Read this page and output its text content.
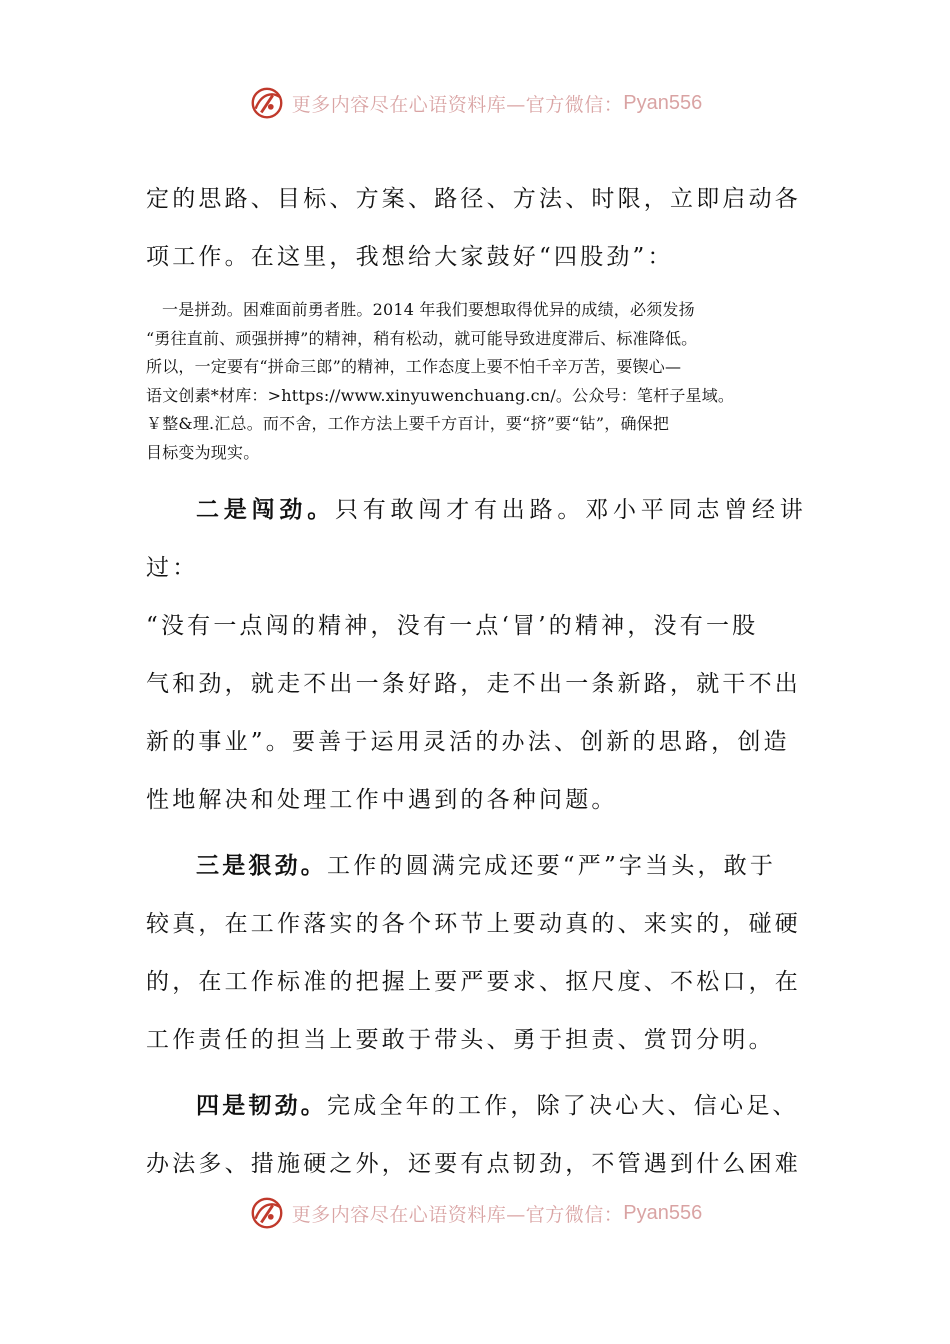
更多内容尽在心语资料库—官方微信： Pyan556

定的思路、目标、方案、路径、方法、时限，立即启动各

项工作。在这里，我想给大家鼓好“四股劲”：

一是拼劲。困难面前勇者胜。2014 年我们要想取得优异的成绩，必须发扬
“勇往直前、顽强拼搏”的精神，稍有松动，就可能导致进度滞后、标准降低。
所以，一定要有“拼命三郎”的精神，工作态度上要不怕千辛万苦，要锲心—
语文创素*材库：>https://www.xinyuwenchuang.cn/。公众号：笔杆子星域。
￥整&理.汇总。而不舍，工作方法上要千方百计，要“挤”要“钻”，确保把
目标变为现实。

二是闯劲。只有敢闯才有出路。邓小平同志曾经讲过：

“没有一点闯的精神，没有一点‘冒’的精神，没有一股

气和劲，就走不出一条好路，走不出一条新路，就干不出

新的事业”。要善于运用灵活的办法、创新的思路，创造

性地解决和处理工作中遇到的各种问题。

三是狠劲。工作的圆满完成还要“严”字当头，敢于

较真，在工作落实的各个环节上要动真的、来实的，碰硬

的，在工作标准的把握上要严要求、抠尺度、不松口，在

工作责任的担当上要敢于带头、勇于担责、赏罚分明。

四是韧劲。完成全年的工作，除了决心大、信心足、

办法多、措施硬之外，还要有点韧劲，不管遇到什么困难

更多内容尽在心语资料库—官方微信： Pyan556
